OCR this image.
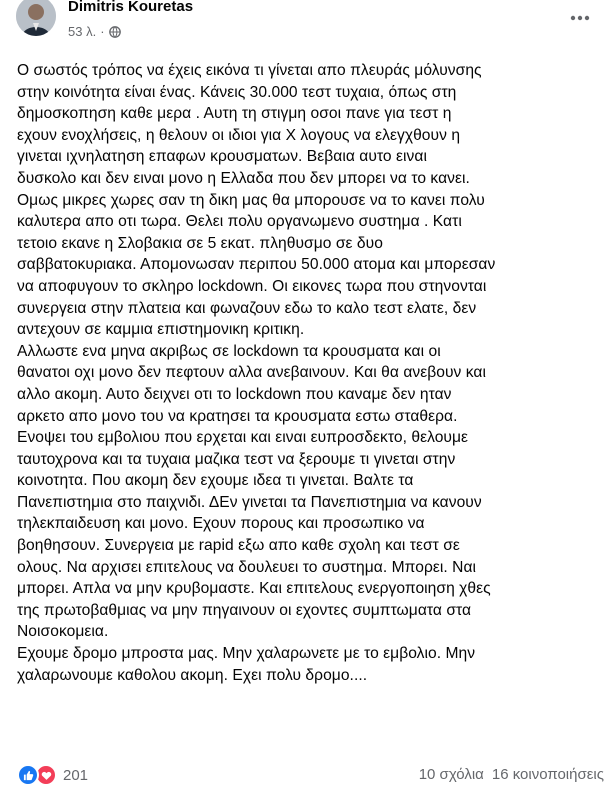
Dimitris Kouretas
53 λ. ·

Ο σωστός τρόπος να έχεις εικόνα τι γίνεται απο πλευράς μόλυνσης

στην κοινότητα είναι ένας. Κάνεις 30.000 τεστ τυχαια, όπως στη

δημοσκοπηση καθε μερα . Αυτη τη στιγμη οσοι πανε για τεστ η

εχουν ενοχλήσεις, η θελουν οι ιδιοι για Χ λογους να ελεγχθουν η

γινεται ιχνηλατηση επαφων κρουσματων. Βεβαια αυτο ειναι

δυσκολο και δεν ειναι μονο η Ελλαδα που δεν μπορει να το κανει.

Ομως μικρες χωρες σαν τη δικη μας θα μπορουσε να το κανει πολυ

καλυτερα απο οτι τωρα. Θελει πολυ οργανωμενο συστημα . Κατι

τετοιο εκανε η Σλοβακια σε 5 εκατ. πληθυσμο σε δυο

σαββατοκυριακα. Απομονωσαν περιπου 50.000 ατομα και μπορεσαν

να αποφυγουν το σκληρο lockdown. Οι εικονες τωρα που στηνονται

συνεργεια στην πλατεια και φωναζουν εδω το καλο τεστ ελατε, δεν

αντεχουν σε καμμια επιστημονικη κριτικη.

Αλλωστε ενα μηνα ακριβως σε lockdown τα κρουσματα και οι

θανατοι οχι μονο δεν πεφτουν αλλα ανεβαινουν. Και θα ανεβουν και

αλλο ακομη. Αυτο δειχνει οτι το lockdown που καναμε δεν ηταν

αρκετο απο μονο του να κρατησει τα κρουσματα εστω σταθερα.

Ενοψει του εμβολιου που ερχεται και ειναι ευπροσδεκτο, θελουμε

ταυτοχρονα και τα τυχαια μαζικα τεστ να ξερουμε τι γινεται στην

κοινοτητα. Που ακομη δεν εχουμε ιδεα τι γινεται. Βαλτε τα

Πανεπιστημια στο παιχνιδι. ΔΕν γινεται τα Πανεπιστημια να κανουν

τηλεκπαιδευση και μονο. Εχουν πορους και προσωπικο να

βοηθησουν. Συνεργεια με rapid εξω απο καθε σχολη και τεστ σε

ολους. Να αρχισει επιτελους να δουλευει το συστημα. Μπορει. Ναι

μπορει. Απλα να μην κρυβομαστε. Και επιτελους ενεργοποιηση χθες

της πρωτοβαθμιας να μην πηγαινουν οι εχοντες συμπτωματα στα

Νοισοκομεια.

Εχουμε δρομο μπροστα μας. Μην χαλαρωνετε με το εμβολιο. Μην

χαλαρωνουμε καθολου ακομη. Εχει πολυ δρομο....

201	10 σχόλια 16 κοινοποιήσεις
